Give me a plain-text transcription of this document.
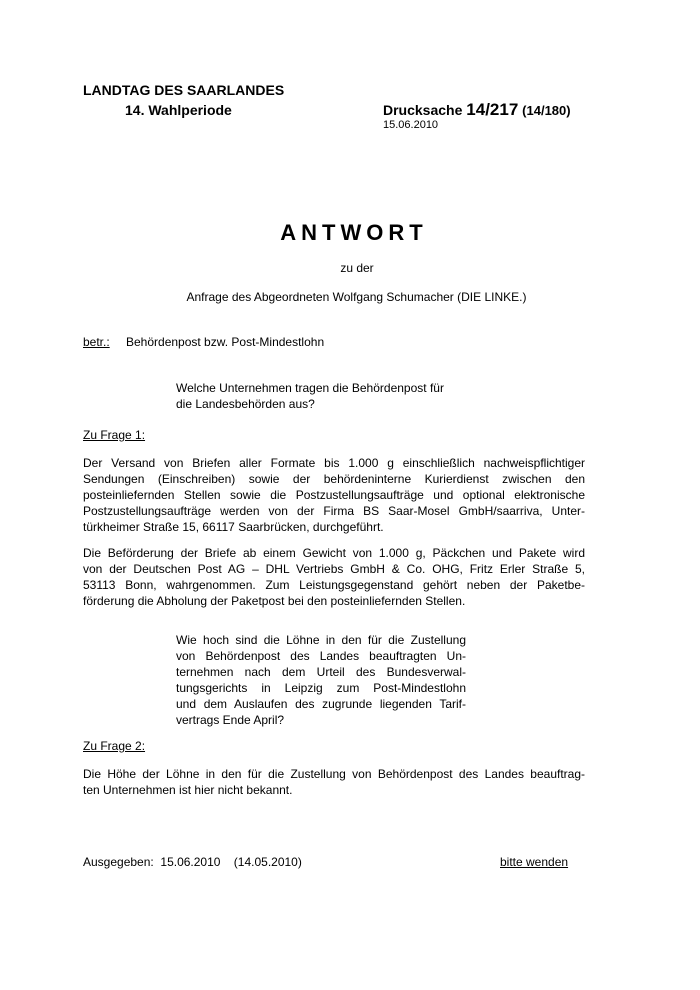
LANDTAG DES SAARLANDES
14. Wahlperiode	Drucksache 14/217 (14/180)
15.06.2010
ANTWORT
zu der
Anfrage des Abgeordneten Wolfgang Schumacher (DIE LINKE.)
betr.: Behördenpost bzw. Post-Mindestlohn
Welche Unternehmen tragen die Behördenpost für
die Landesbehörden aus?
Zu Frage 1:
Der Versand von Briefen aller Formate bis 1.000 g einschließlich nachweispflichtiger
Sendungen (Einschreiben) sowie der behördeninterne Kurierdienst zwischen den
posteinliefernden Stellen sowie die Postzustellungsaufträge und optional elektronische
Postzustellungsaufträge werden von der Firma BS Saar-Mosel GmbH/saarriva, Unter-
türkheimer Straße 15, 66117 Saarbrücken, durchgeführt.
Die Beförderung der Briefe ab einem Gewicht von 1.000 g, Päckchen und Pakete wird
von der Deutschen Post AG – DHL Vertriebs GmbH & Co. OHG, Fritz Erler Straße 5,
53113 Bonn, wahrgenommen. Zum Leistungsgegenstand gehört neben der Paketbe-
förderung die Abholung der Paketpost bei den posteinliefernden Stellen.
Wie hoch sind die Löhne in den für die Zustellung
von Behördenpost des Landes beauftragten Un-
ternehmen nach dem Urteil des Bundesverwal-
tungsgerichts in Leipzig zum Post-Mindestlohn
und dem Auslaufen des zugrunde liegenden Tarif-
vertrags Ende April?
Zu Frage 2:
Die Höhe der Löhne in den für die Zustellung von Behördenpost des Landes beauftrag-
ten Unternehmen ist hier nicht bekannt.
Ausgegeben:  15.06.2010    (14.05.2010)	bitte wenden
